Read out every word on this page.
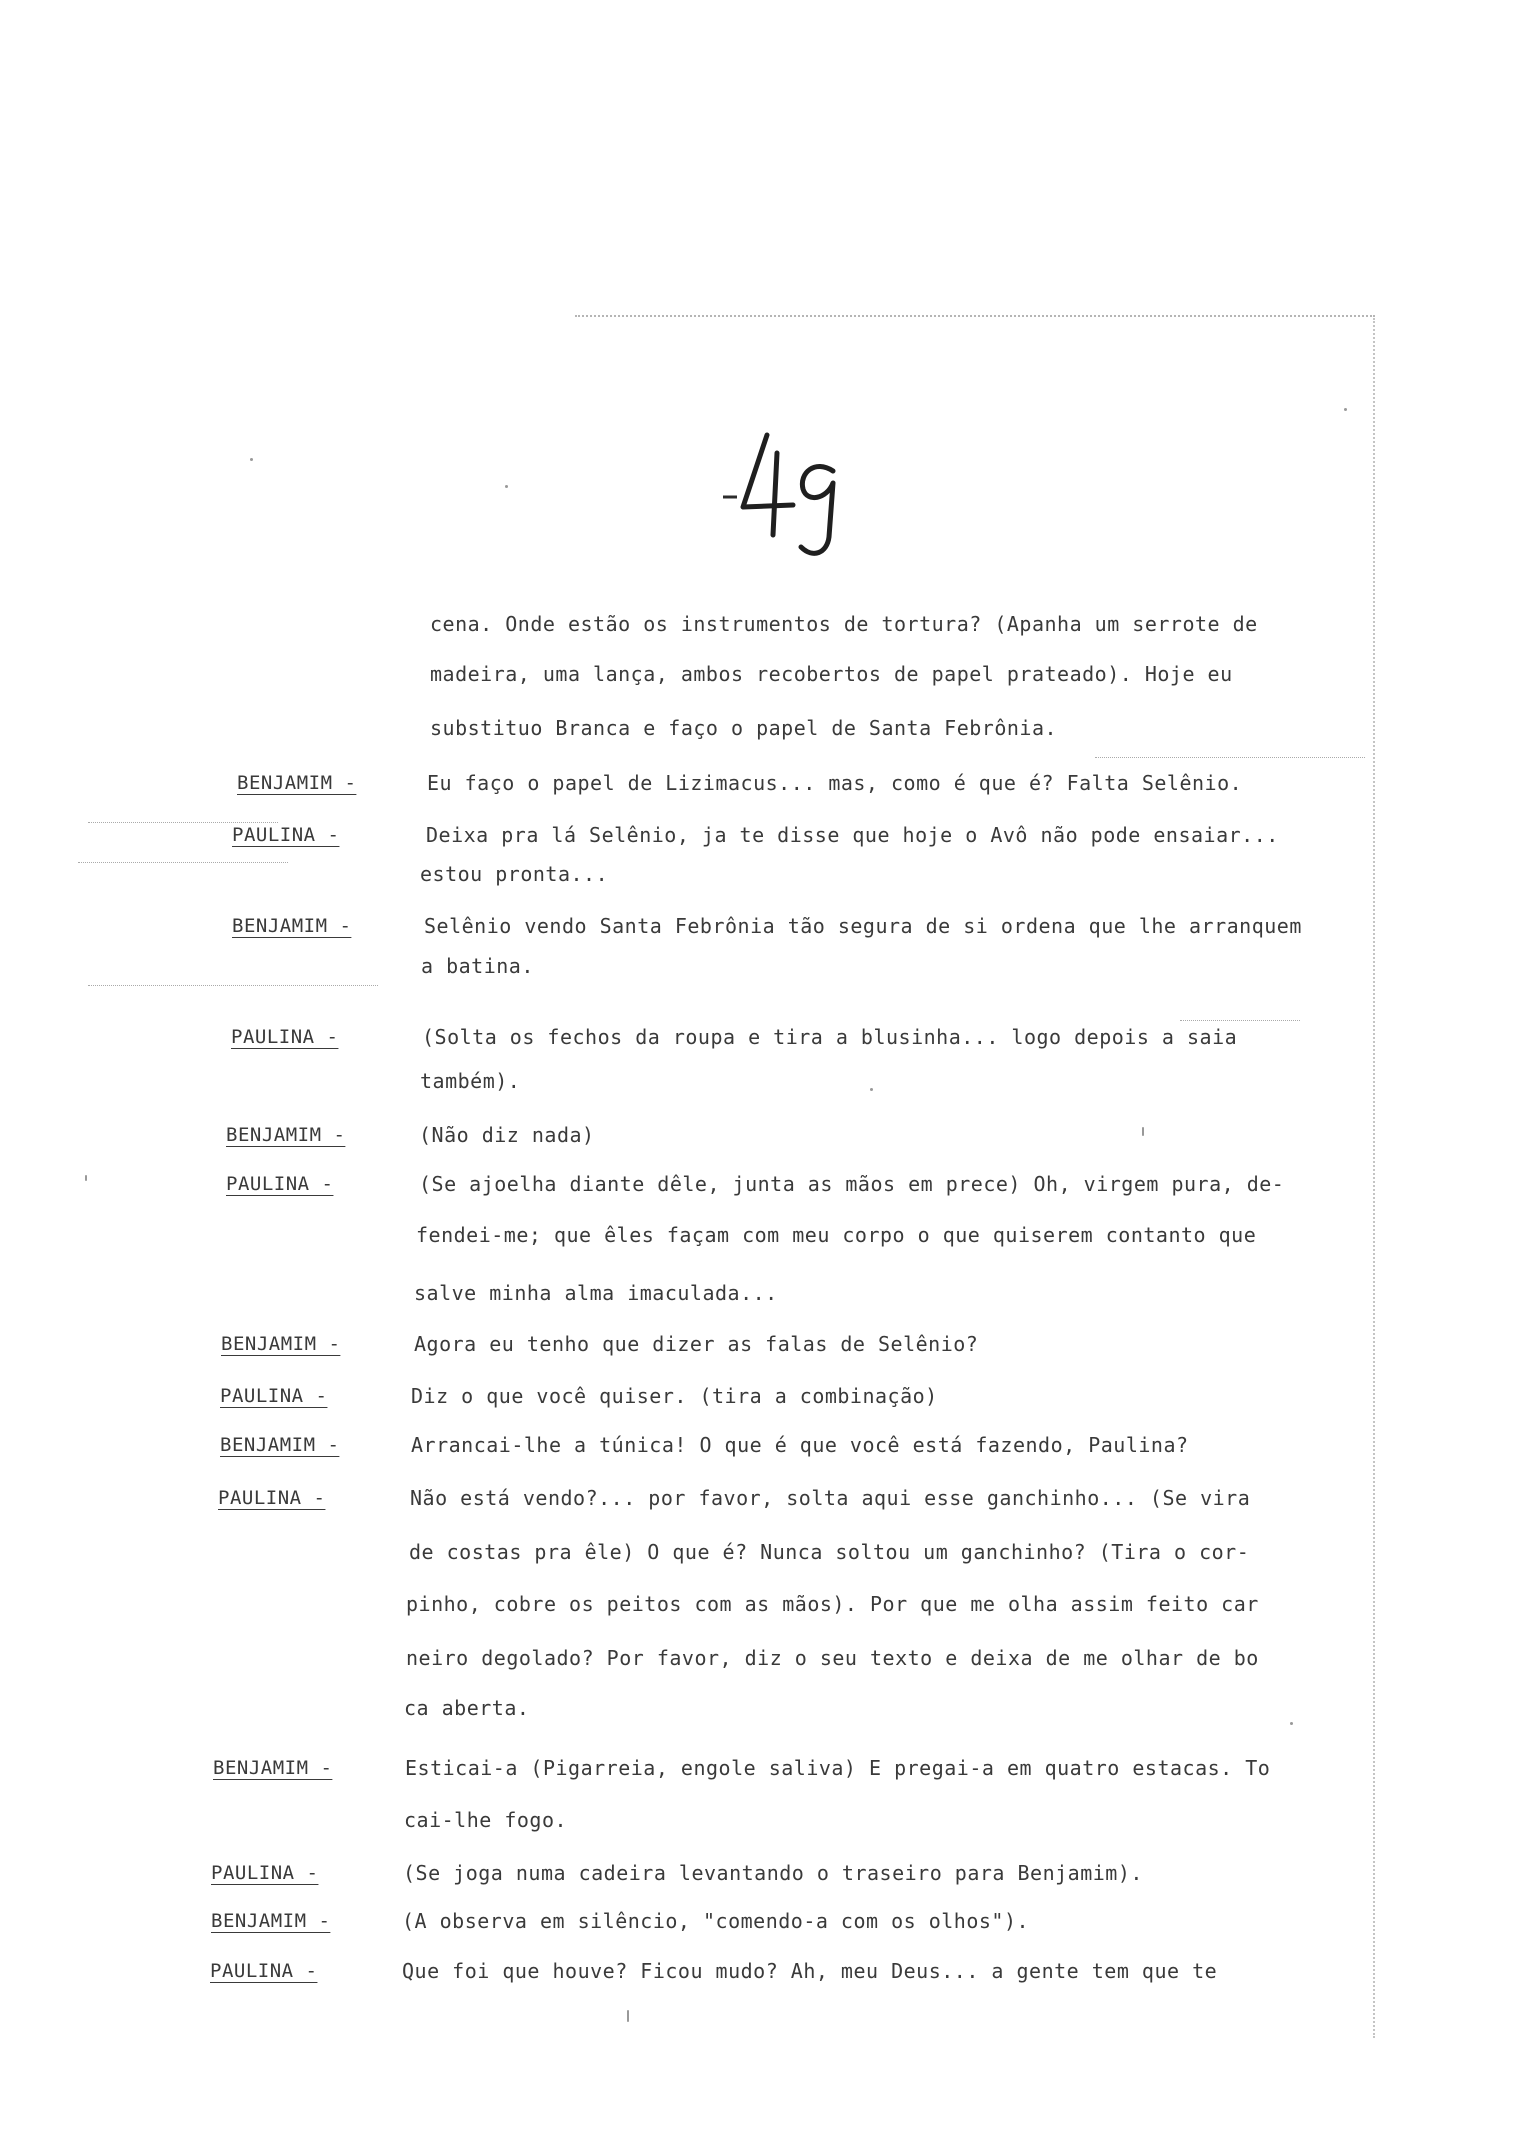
cena. Onde estão os instrumentos de tortura? (Apanha um serrote de
madeira, uma lança, ambos recobertos de papel prateado). Hoje eu
substituo Branca e faço o papel de Santa Febrônia.
BENJAMIM -	Eu faço o papel de Lizimacus... mas, como é que é? Falta Selênio.
PAULINA -	Deixa pra lá Selênio, ja te disse que hoje o Avô não pode ensaiar...
estou pronta...
BENJAMIM -	Selênio vendo Santa Febrônia tão segura de si ordena que lhe arranquem
a batina.
PAULINA -	(Solta os fechos da roupa e tira a blusinha... logo depois a saia
também).
BENJAMIM -	(Não diz nada)
PAULINA -	(Se ajoelha diante dêle, junta as mãos em prece) Oh, virgem pura, de-
fendei-me; que êles façam com meu corpo o que quiserem contanto que
salve minha alma imaculada...
BENJAMIM -	Agora eu tenho que dizer as falas de Selênio?
PAULINA -	Diz o que você quiser. (tira a combinação)
BENJAMIM -	Arrancai-lhe a túnica! O que é que você está fazendo, Paulina?
PAULINA -	Não está vendo?... por favor, solta aqui esse ganchinho... (Se vira
de costas pra êle) O que é? Nunca soltou um ganchinho? (Tira o cor-
pinho, cobre os peitos com as mãos). Por que me olha assim feito car
neiro degolado? Por favor, diz o seu texto e deixa de me olhar de bo
ca aberta.
BENJAMIM -	Esticai-a (Pigarreia, engole saliva) E pregai-a em quatro estacas. To
cai-lhe fogo.
PAULINA -	(Se joga numa cadeira levantando o traseiro para Benjamim).
BENJAMIM -	(A observa em silêncio, "comendo-a com os olhos").
PAULINA -	Que foi que houve? Ficou mudo? Ah, meu Deus... a gente tem que te
